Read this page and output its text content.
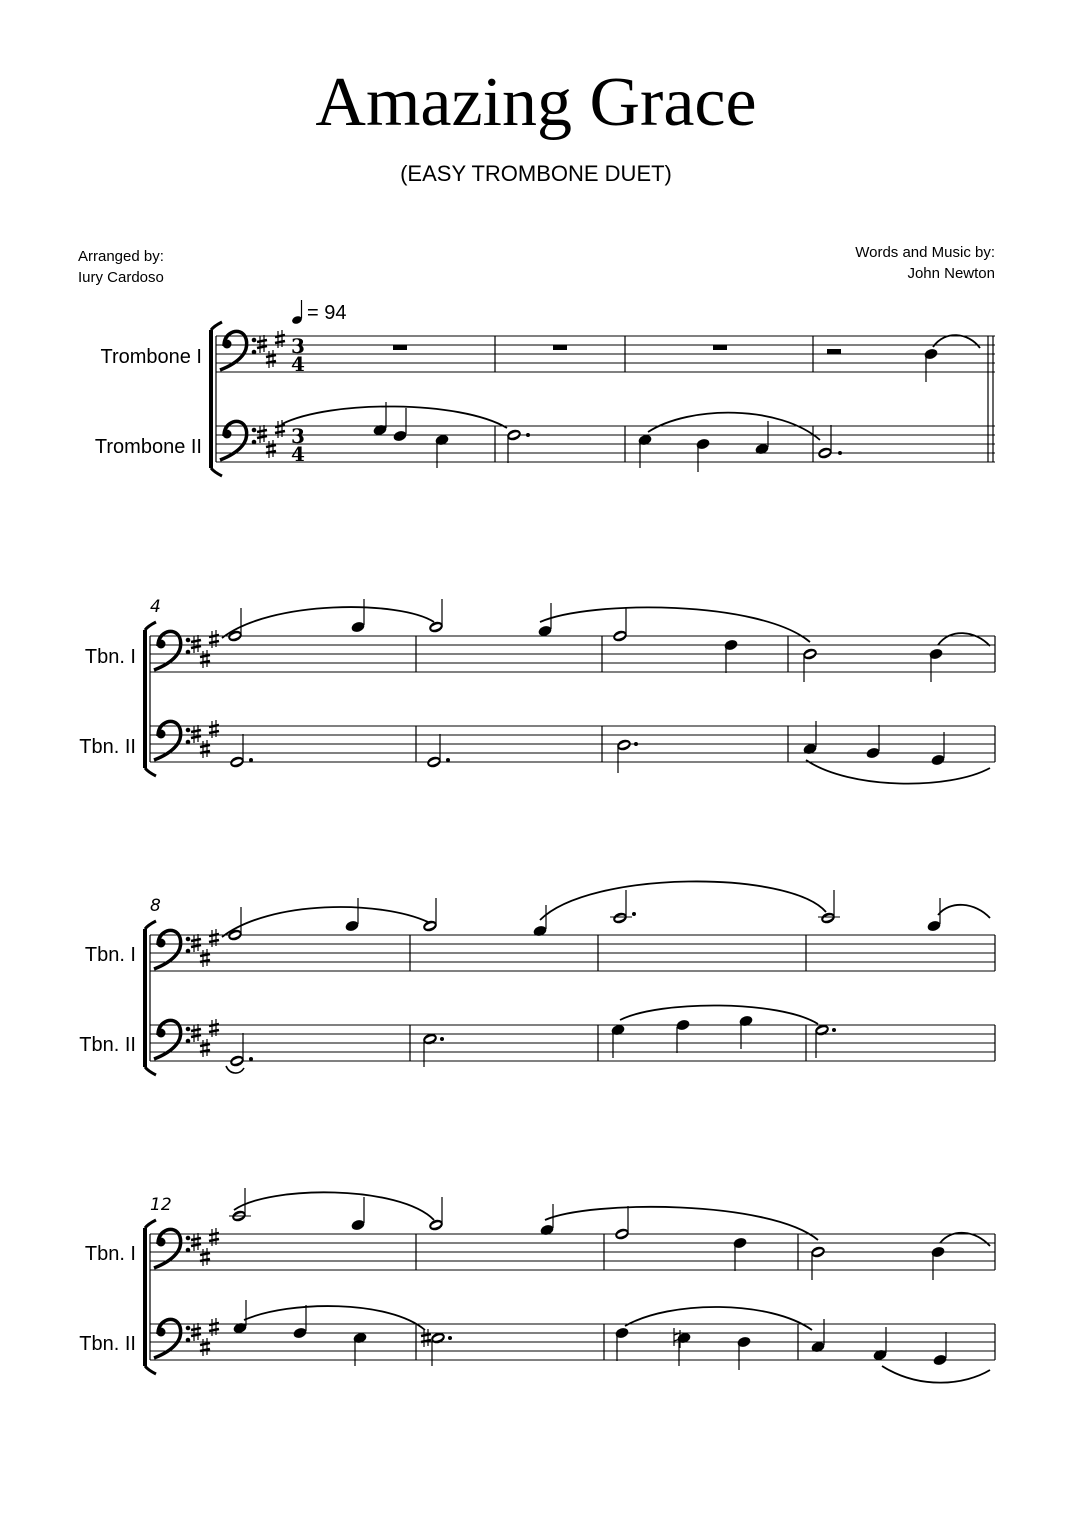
Amazing Grace
(EASY TROMBONE DUET)
Arranged by:
Iury Cardoso
Words and Music by:
John Newton
Trombone I
Trombone II
Tbn. I
Tbn. II
Tbn. I
Tbn. II
Tbn. I
Tbn. II
= 94
3
4
3
4
4
8
12
